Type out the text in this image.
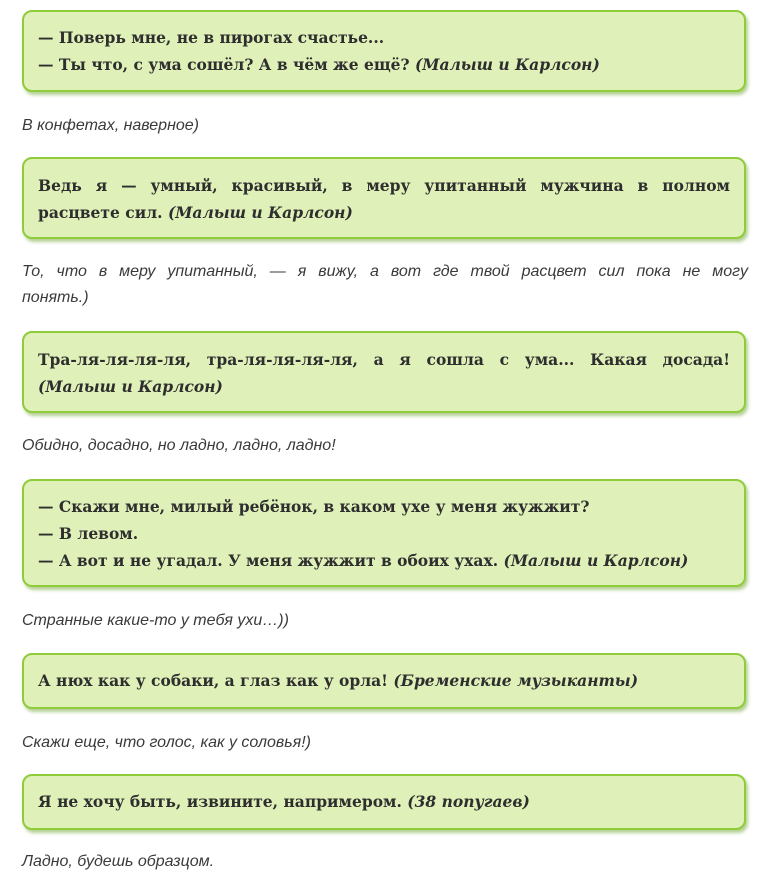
— Поверь мне, не в пирогах счастье...
— Ты что, с ума сошёл? А в чём же ещё? (Малыш и Карлсон)
В конфетах, наверное)
Ведь я — умный, красивый, в меру упитанный мужчина в полном
расцвете сил. (Малыш и Карлсон)
То, что в меру упитанный, — я вижу, а вот где твой расцвет сил пока не могу
понять.)
Тра-ля-ля-ля-ля, тра-ля-ля-ля-ля, а я сошла с ума... Какая досада!
(Малыш и Карлсон)
Обидно, досадно, но ладно, ладно, ладно!
— Скажи мне, милый ребёнок, в каком ухе у меня жужжит?
— В левом.
— А вот и не угадал. У меня жужжит в обоих ухах. (Малыш и Карлсон)
Странные какие-то у тебя ухи…))
А нюх как у собаки, а глаз как у орла! (Бременские музыканты)
Скажи еще, что голос, как у соловья!)
Я не хочу быть, извините, напримером. (38 попугаев)
Ладно, будешь образцом.
